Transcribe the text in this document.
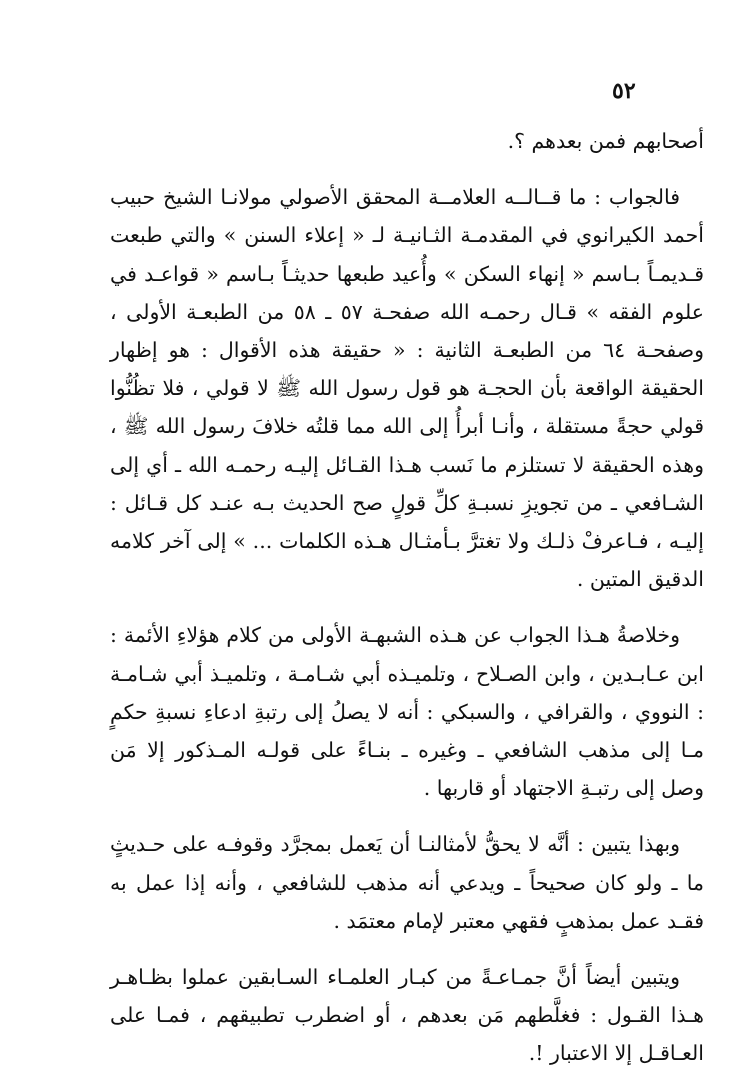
٥٢

أصحابهم فمن بعدهم ؟.

فالجواب : ما قــالــه العلامــة المحقق الأصولي مولانـا الشيخ حبيب أحمد الكيرانوي في المقدمـة الثـانيـة لـ « إعلاء السنن » والتي طبعت قـديمـاً بـاسم « إنهاء السكن » وأُعيد طبعها حديثـاً بـاسم « قواعـد في علوم الفقه » قـال رحمـه الله صفحـة ٥٧ ـ ٥٨ من الطبعـة الأولى ، وصفحـة ٦٤ من الطبعـة الثانية : « حقيقة هذه الأقوال : هو إظهار الحقيقة الواقعة بأن الحجـة هو قول رسول الله ﷺ لا قولي ، فلا تظُنُّوا قولي حجةً مستقلة ، وأنـا أبرأُ إلى الله مما قلتُه خلافَ رسول الله ﷺ ، وهذه الحقيقة لا تستلزم ما نَسب هـذا القـائل إليـه رحمـه الله ـ أي إلى الشـافعي ـ من تجويزِ نسبـةِ كلِّ قولٍ صح الحديث بـه عنـد كل قـائل : إليـه ، فـاعرفْ ذلـك ولا تغترَّ بـأمثـال هـذه الكلمات ... » إلى آخر كلامه الدقيق المتين .

وخلاصةُ هـذا الجواب عن هـذه الشبهـة الأولى من كلام هؤلاءِ الأئمة : ابن عـابـدين ، وابن الصـلاح ، وتلميـذه أبي شـامـة ، وتلميـذ أبي شـامـة : النووي ، والقرافي ، والسبكي : أنه لا يصلُ إلى رتبةِ ادعاءِ نسبةِ حكمٍ مـا إلى مذهب الشافعي ـ وغيره ـ بنـاءً على قولـه المـذكور إلا مَن وصل إلى رتبـةِ الاجتهاد أو قاربها .

وبهذا يتبين : أنَّه لا يحقُّ لأمثالنـا أن يَعمل بمجرَّد وقوفـه على حـديثٍ ما ـ ولو كان صحيحاً ـ ويدعي أنه مذهب للشافعي ، وأنه إذا عمل به فقـد عمل بمذهبٍ فقهي معتبر لإمام معتمَد .

ويتبين أيضاً أنَّ جمـاعـةً من كبـار العلمـاء السـابقين عملوا بظـاهـر هـذا القـول : فغلَّطهم مَن بعدهم ، أو اضطرب تطبيقهم ، فمـا على العـاقـل إلا الاعتبار !.
